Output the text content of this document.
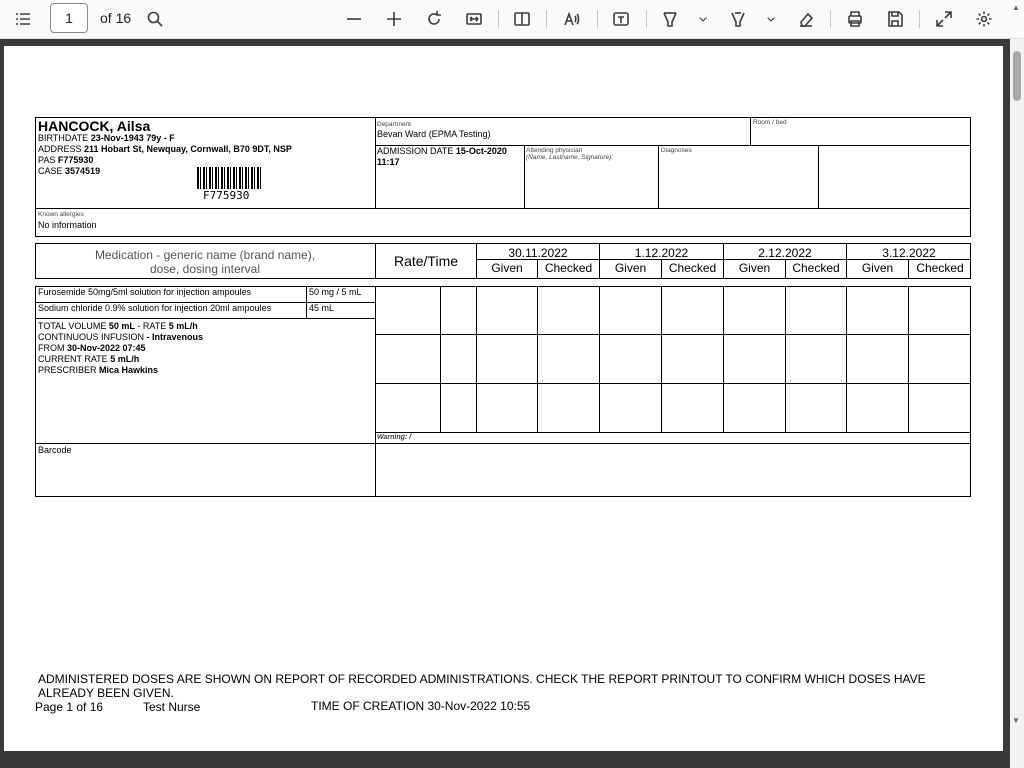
1	of 16
HANCOCK, Ailsa
BIRTHDATE 23-Nov-1943 79y - F
ADDRESS 211 Hobart St, Newquay, Cornwall, B70 9DT, NSP
PAS F775930
CASE 3574519
F775930
Department
Bevan Ward (EPMA Testing)
Room / bed
ADMISSION DATE 15-Oct-2020
11:17
Attending physician
(Name, Lastname, Signature):
Diagnoses
Known allergies
No information
Medication - generic name (brand name),
dose, dosing interval	Rate/Time	30.11.2022	1.12.2022	2.12.2022	3.12.2022
Given	Checked	Given	Checked	Given	Checked	Given	Checked
Furosemide 50mg/5ml solution for injection ampoules	50 mg / 5 mL
Sodium chloride 0.9% solution for injection 20ml ampoules	45 mL
TOTAL VOLUME 50 mL - RATE 5 mL/h
CONTINUOUS INFUSION - Intravenous
FROM 30-Nov-2022 07:45
CURRENT RATE 5 mL/h
PRESCRIBER Mica Hawkins
Warning: /
Barcode
ADMINISTERED DOSES ARE SHOWN ON REPORT OF RECORDED ADMINISTRATIONS. CHECK THE REPORT PRINTOUT TO CONFIRM WHICH DOSES HAVE
ALREADY BEEN GIVEN.
Page 1 of 16	Test Nurse	TIME OF CREATION 30-Nov-2022 10:55
▲
▼
